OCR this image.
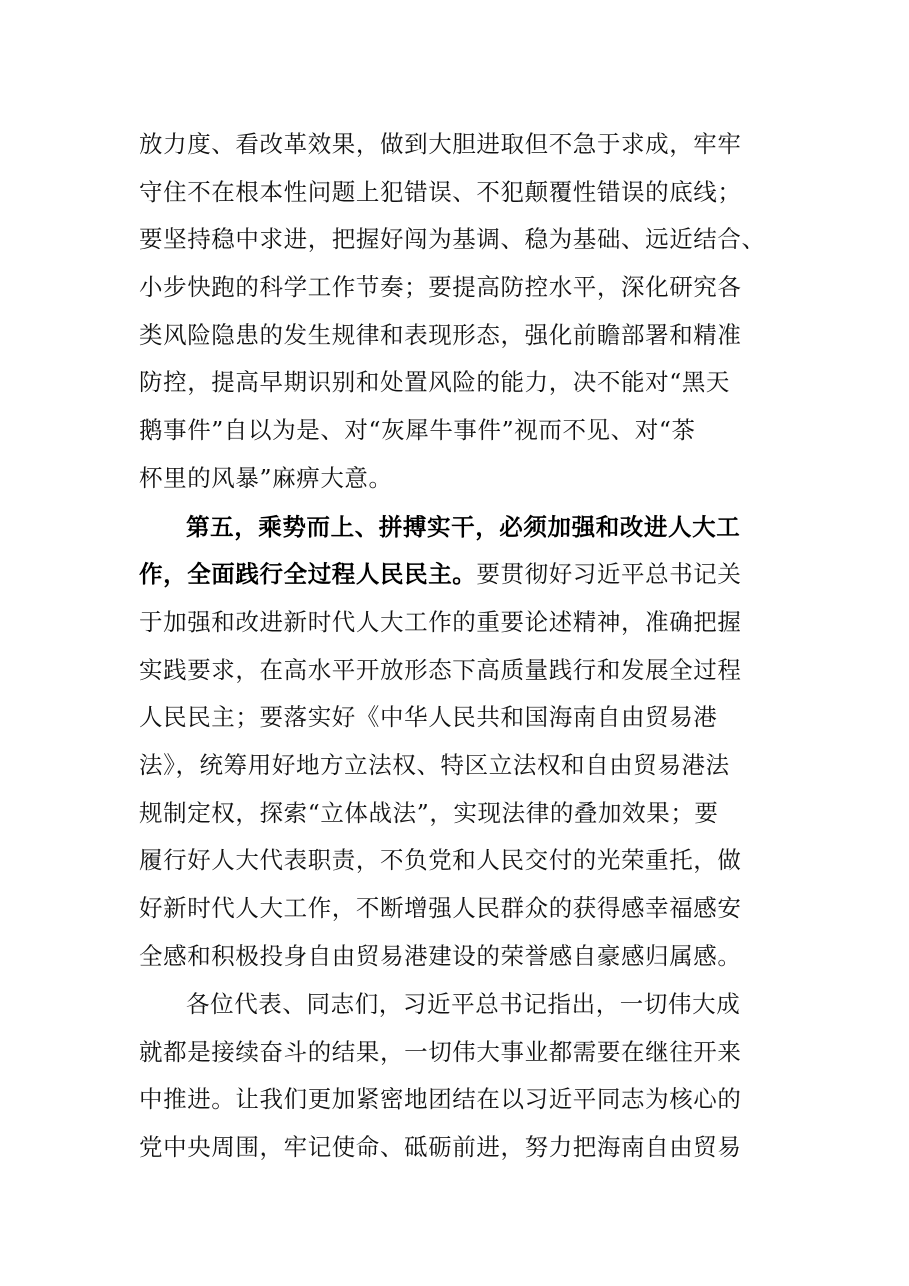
放力度、看改革效果，做到大胆进取但不急于求成，牢牢
守住不在根本性问题上犯错误、不犯颠覆性错误的底线；
要坚持稳中求进，把握好闯为基调、稳为基础、远近结合、
小步快跑的科学工作节奏；要提高防控水平，深化研究各
类风险隐患的发生规律和表现形态，强化前瞻部署和精准
防控，提高早期识别和处置风险的能力，决不能对“黑天
鹅事件”自以为是、对“灰犀牛事件”视而不见、对“茶
杯里的风暴”麻痹大意。
第五，乘势而上、拼搏实干，必须加强和改进人大工
作，全面践行全过程人民民主。要贯彻好习近平总书记关
于加强和改进新时代人大工作的重要论述精神，准确把握
实践要求，在高水平开放形态下高质量践行和发展全过程
人民民主；要落实好《中华人民共和国海南自由贸易港
法》，统筹用好地方立法权、特区立法权和自由贸易港法
规制定权，探索“立体战法”，实现法律的叠加效果；要
履行好人大代表职责，不负党和人民交付的光荣重托，做
好新时代人大工作，不断增强人民群众的获得感幸福感安
全感和积极投身自由贸易港建设的荣誉感自豪感归属感。
各位代表、同志们，习近平总书记指出，一切伟大成
就都是接续奋斗的结果，一切伟大事业都需要在继往开来
中推进。让我们更加紧密地团结在以习近平同志为核心的
党中央周围，牢记使命、砥砺前进，努力把海南自由贸易
